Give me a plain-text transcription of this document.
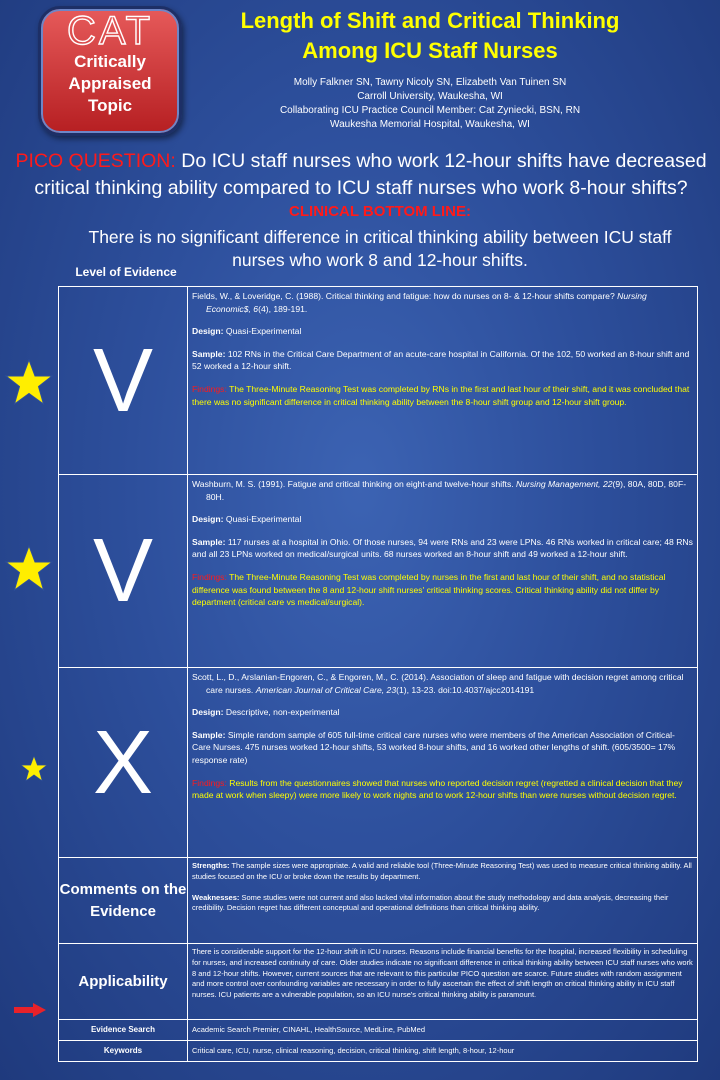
CAT
Critically
Appraised
Topic
Length of Shift and Critical Thinking
Among ICU Staff Nurses
Molly Falkner SN, Tawny Nicoly SN, Elizabeth Van Tuinen SN
Carroll University, Waukesha, WI
Collaborating ICU Practice Council Member: Cat Zyniecki, BSN, RN
Waukesha Memorial Hospital, Waukesha, WI
PICO QUESTION: Do ICU staff nurses who work 12-hour shifts have decreased critical thinking ability compared to ICU staff nurses who work 8-hour shifts?
CLINICAL BOTTOM LINE:
There is no significant difference in critical thinking ability between ICU staff nurses who work 8 and 12-hour shifts.
Level of Evidence
V	Fields, W., & Loveridge, C. (1988). Critical thinking and fatigue: how do nurses on 8- & 12-hour shifts compare? Nursing Economic$, 6(4), 189-191.

Design: Quasi-Experimental

Sample: 102 RNs in the Critical Care Department of an acute-care hospital in California. Of the 102, 50 worked an 8-hour shift and 52 worked a 12-hour shift.

Findings: The Three-Minute Reasoning Test was completed by RNs in the first and last hour of their shift, and it was concluded that there was no significant difference in critical thinking ability between the 8-hour shift group and 12-hour shift group.

V	Washburn, M. S. (1991). Fatigue and critical thinking on eight-and twelve-hour shifts. Nursing Management, 22(9), 80A, 80D, 80F-80H.

Design: Quasi-Experimental

Sample: 117 nurses at a hospital in Ohio. Of those nurses, 94 were RNs and 23 were LPNs. 46 RNs worked in critical care; 48 RNs and all 23 LPNs worked on medical/surgical units. 68 nurses worked an 8-hour shift and 49 worked a 12-hour shift.

Findings: The Three-Minute Reasoning Test was completed by nurses in the first and last hour of their shift, and no statistical difference was found between the 8 and 12-hour shift nurses' critical thinking scores. Critical thinking ability did not differ by department (critical care vs medical/surgical).

X	Scott, L., D., Arslanian-Engoren, C., & Engoren, M., C. (2014). Association of sleep and fatigue with decision regret among critical care nurses. American Journal of Critical Care, 23(1), 13-23. doi:10.4037/ajcc2014191

Design: Descriptive, non-experimental

Sample: Simple random sample of 605 full-time critical care nurses who were members of the American Association of Critical-Care Nurses. 475 nurses worked 12-hour shifts, 53 worked 8-hour shifts, and 16 worked other lengths of shift. (605/3500= 17% response rate)

Findings: Results from the questionnaires showed that nurses who reported decision regret (regretted a clinical decision that they made at work when sleepy) were more likely to work nights and to work 12-hour shifts than were nurses without decision regret.

Comments on the Evidence	Strengths: The sample sizes were appropriate. A valid and reliable tool (Three-Minute Reasoning Test) was used to measure critical thinking ability. All studies focused on the ICU or broke down the results by department.

Weaknesses: Some studies were not current and also lacked vital information about the study methodology and data analysis, decreasing their credibility. Decision regret has different conceptual and operational definitions than critical thinking ability.

Applicability	There is considerable support for the 12-hour shift in ICU nurses. Reasons include financial benefits for the hospital, increased flexibility in scheduling for nurses, and increased continuity of care. Older studies indicate no significant difference in critical thinking ability between ICU staff nurses who work 8 and 12-hour shifts. However, current sources that are relevant to this particular PICO question are scarce. Future studies with random assignment and more control over confounding variables are necessary in order to fully ascertain the effect of shift length on critical thinking ability in ICU staff nurses. ICU patients are a vulnerable population, so an ICU nurse's critical thinking ability is paramount.
Evidence Search	Academic Search Premier, CINAHL, HealthSource, MedLine, PubMed
Keywords	Critical care, ICU, nurse, clinical reasoning, decision, critical thinking, shift length, 8-hour, 12-hour
